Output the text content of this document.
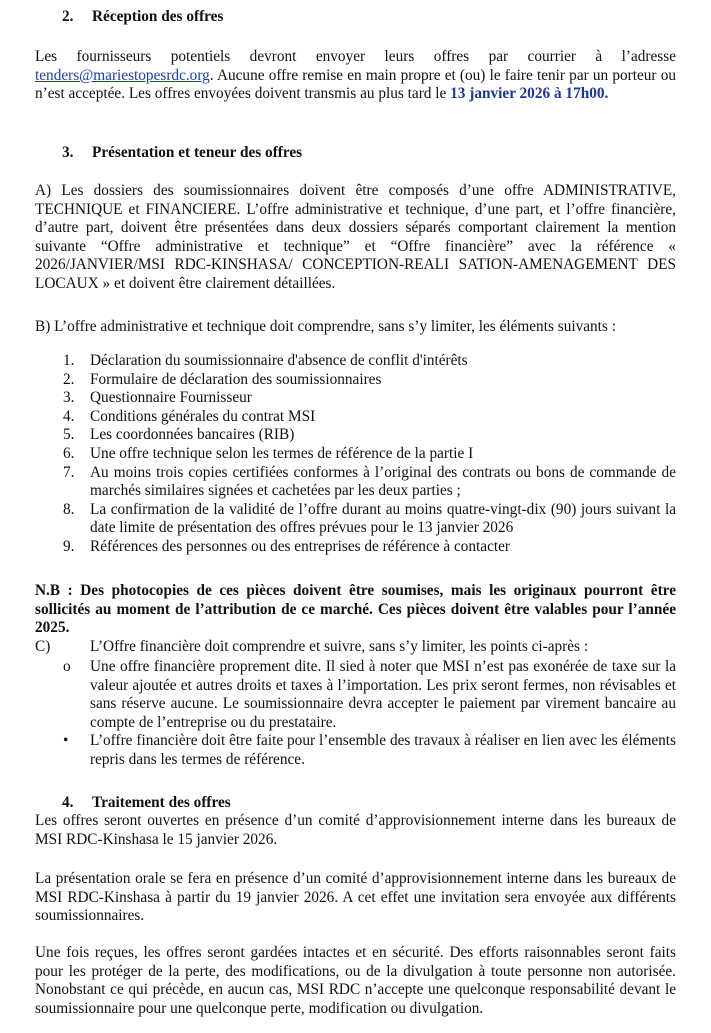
2. Réception des offres

Les fournisseurs potentiels devront envoyer leurs offres par courrier à l’adresse tenders@mariestopesrdc.org. Aucune offre remise en main propre et (ou) le faire tenir par un porteur ou n’est acceptée. Les offres envoyées doivent transmis au plus tard le 13 janvier 2026 à 17h00.

3. Présentation et teneur des offres

A) Les dossiers des soumissionnaires doivent être composés d’une offre ADMINISTRATIVE, TECHNIQUE et FINANCIERE. L’offre administrative et technique, d’une part, et l’offre financière, d’autre part, doivent être présentées dans deux dossiers séparés comportant clairement la mention suivante “Offre administrative et technique” et “Offre financière” avec la référence « 2026/JANVIER/MSI RDC-KINSHASA/ CONCEPTION-REALI SATION-AMENAGEMENT DES LOCAUX » et doivent être clairement détaillées.

B) L’offre administrative et technique doit comprendre, sans s’y limiter, les éléments suivants :

1.	Déclaration du soumissionnaire d'absence de conflit d'intérêts
2.	Formulaire de déclaration des soumissionnaires
3.	Questionnaire Fournisseur
4.	Conditions générales du contrat MSI
5.	Les coordonnées bancaires (RIB)
6.	Une offre technique selon les termes de référence de la partie I
7.	Au moins trois copies certifiées conformes à l’original des contrats ou bons de commande de marchés similaires signées et cachetées par les deux parties ;
8.	La confirmation de la validité de l’offre durant au moins quatre-vingt-dix (90) jours suivant la date limite de présentation des offres prévues pour le 13 janvier 2026
9.	Références des personnes ou des entreprises de référence à contacter

N.B : Des photocopies de ces pièces doivent être soumises, mais les originaux pourront être sollicités au moment de l’attribution de ce marché. Ces pièces doivent être valables pour l’année 2025.

C)	L’Offre financière doit comprendre et suivre, sans s’y limiter, les points ci-après :

o Une offre financière proprement dite. Il sied à noter que MSI n’est pas exonérée de taxe sur la valeur ajoutée et autres droits et taxes à l’importation. Les prix seront fermes, non révisables et sans réserve aucune. Le soumissionnaire devra accepter le paiement par virement bancaire au compte de l’entreprise ou du prestataire.
• L’offre financière doit être faite pour l’ensemble des travaux à réaliser en lien avec les éléments repris dans les termes de référence.
4. Traitement des offres

Les offres seront ouvertes en présence d’un comité d’approvisionnement interne dans les bureaux de MSI RDC-Kinshasa le 15 janvier 2026.

La présentation orale se fera en présence d’un comité d’approvisionnement interne dans les bureaux de MSI RDC-Kinshasa à partir du 19 janvier 2026. A cet effet une invitation sera envoyée aux différents soumissionnaires.

Une fois reçues, les offres seront gardées intactes et en sécurité. Des efforts raisonnables seront faits pour les protéger de la perte, des modifications, ou de la divulgation à toute personne non autorisée. Nonobstant ce qui précède, en aucun cas, MSI RDC n’accepte une quelconque responsabilité devant le soumissionnaire pour une quelconque perte, modification ou divulgation.
